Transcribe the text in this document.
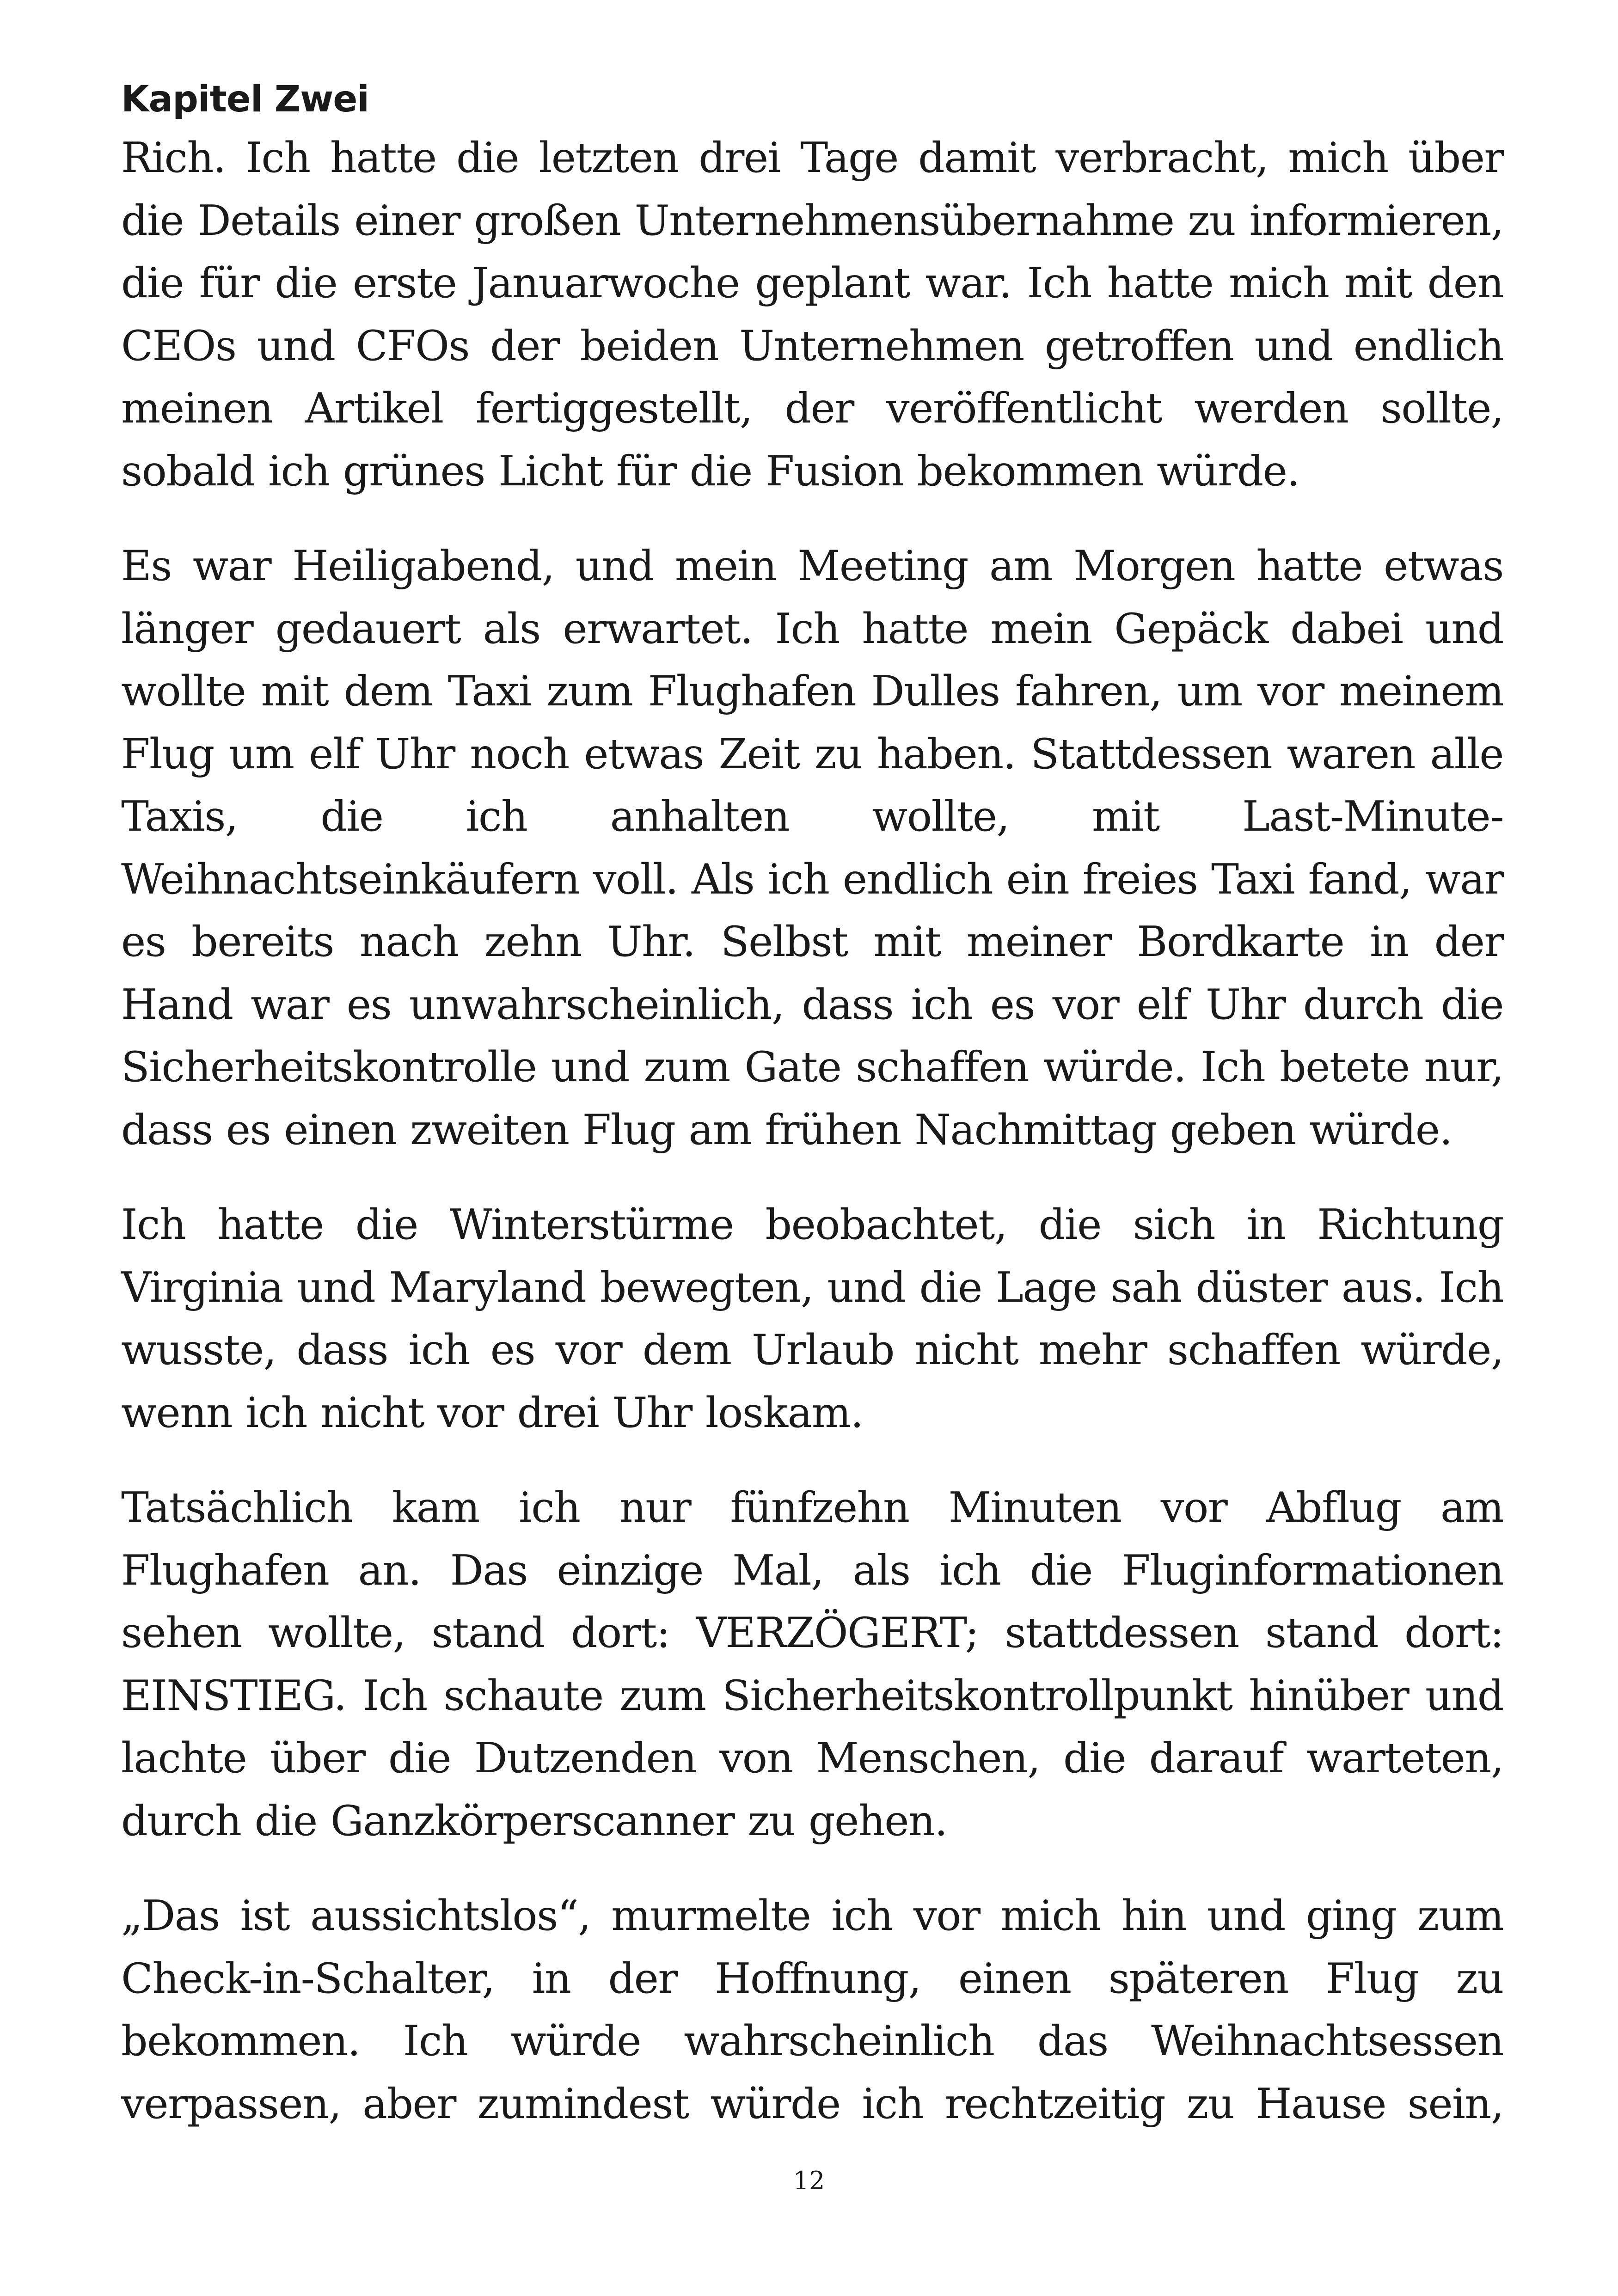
Kapitel Zwei

Rich. Ich hatte die letzten drei Tage damit verbracht, mich über die Details einer großen Unternehmensübernahme zu informieren, die für die erste Januarwoche geplant war. Ich hatte mich mit den CEOs und CFOs der beiden Unternehmen getroffen und endlich meinen Artikel fertiggestellt, der veröffentlicht werden sollte, sobald ich grünes Licht für die Fusion bekommen würde.

Es war Heiligabend, und mein Meeting am Morgen hatte etwas länger gedauert als erwartet. Ich hatte mein Gepäck dabei und wollte mit dem Taxi zum Flughafen Dulles fahren, um vor meinem Flug um elf Uhr noch etwas Zeit zu haben. Stattdessen waren alle Taxis, die ich anhalten wollte, mit Last-Minute-Weihnachtseinkäufern voll. Als ich endlich ein freies Taxi fand, war es bereits nach zehn Uhr. Selbst mit meiner Bordkarte in der Hand war es unwahrscheinlich, dass ich es vor elf Uhr durch die Sicherheitskontrolle und zum Gate schaffen würde. Ich betete nur, dass es einen zweiten Flug am frühen Nachmittag geben würde.

Ich hatte die Winterstürme beobachtet, die sich in Richtung Virginia und Maryland bewegten, und die Lage sah düster aus. Ich wusste, dass ich es vor dem Urlaub nicht mehr schaffen würde, wenn ich nicht vor drei Uhr loskam.

Tatsächlich kam ich nur fünfzehn Minuten vor Abflug am Flughafen an. Das einzige Mal, als ich die Fluginformationen sehen wollte, stand dort: VERZÖGERT; stattdessen stand dort: EINSTIEG. Ich schaute zum Sicherheitskontrollpunkt hinüber und lachte über die Dutzenden von Menschen, die darauf warteten, durch die Ganzkörperscanner zu gehen.

„Das ist aussichtslos“, murmelte ich vor mich hin und ging zum Check-in-Schalter, in der Hoffnung, einen späteren Flug zu bekommen. Ich würde wahrscheinlich das Weihnachtsessen verpassen, aber zumindest würde ich rechtzeitig zu Hause sein,

12
